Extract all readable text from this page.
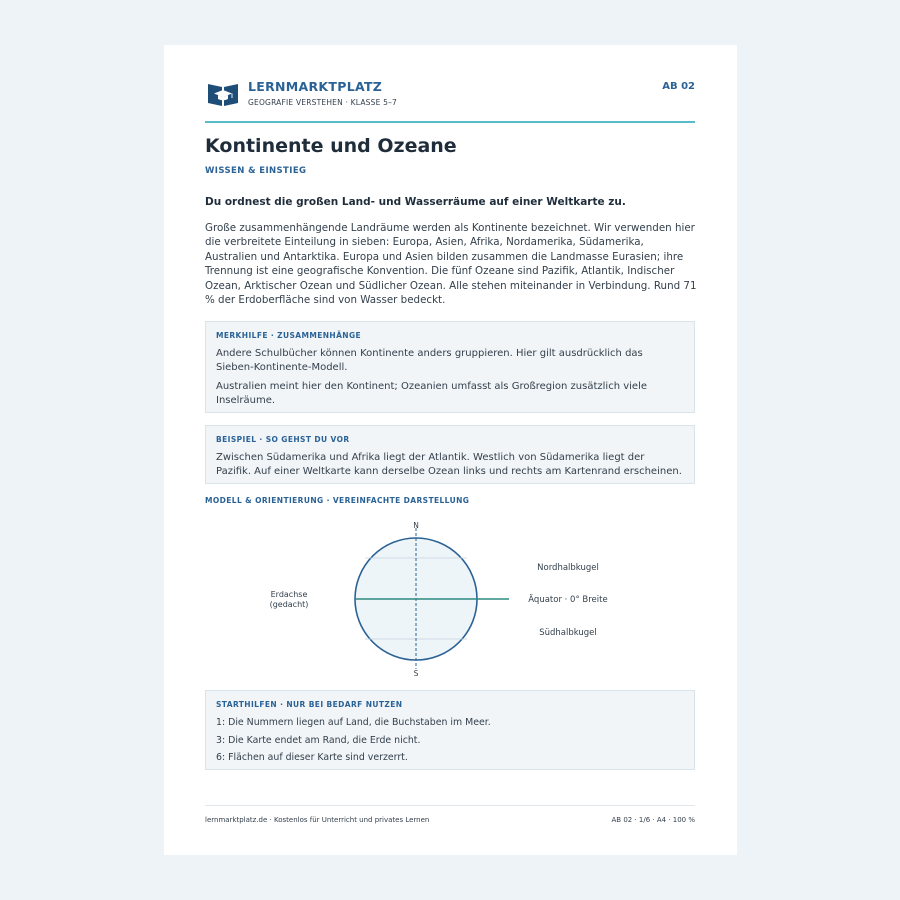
LERNMARKTPLATZ
GEOGRAFIE VERSTEHEN · KLASSE 5–7
AB 02
Kontinente und Ozeane
WISSEN & EINSTIEG
Du ordnest die großen Land- und Wasserräume auf einer Weltkarte zu.

Große zusammenhängende Landräume werden als Kontinente bezeichnet. Wir verwenden hier die verbreitete Einteilung in sieben: Europa, Asien, Afrika, Nordamerika, Südamerika, Australien und Antarktika. Europa und Asien bilden zusammen die Landmasse Eurasien; ihre Trennung ist eine geografische Konvention. Die fünf Ozeane sind Pazifik, Atlantik, Indischer Ozean, Arktischer Ozean und Südlicher Ozean. Alle stehen miteinander in Verbindung. Rund 71 % der Erdoberfläche sind von Wasser bedeckt.

MERKHILFE · ZUSAMMENHÄNGE

Andere Schulbücher können Kontinente anders gruppieren. Hier gilt ausdrücklich das Sieben-Kontinente-Modell.

Australien meint hier den Kontinent; Ozeanien umfasst als Großregion zusätzlich viele Inselräume.

BEISPIEL · SO GEHST DU VOR

Zwischen Südamerika und Afrika liegt der Atlantik. Westlich von Südamerika liegt der Pazifik. Auf einer Weltkarte kann derselbe Ozean links und rechts am Kartenrand erscheinen.

MODELL & ORIENTIERUNG · VEREINFACHTE DARSTELLUNG
N
S
Erdachse
(gedacht)
Nordhalbkugel
Äquator · 0° Breite
Südhalbkugel
STARTHILFEN · NUR BEI BEDARF NUTZEN
1: Die Nummern liegen auf Land, die Buchstaben im Meer.
3: Die Karte endet am Rand, die Erde nicht.
6: Flächen auf dieser Karte sind verzerrt.
lernmarktplatz.de · Kostenlos für Unterricht und privates Lernen	AB 02 · 1/6 · A4 · 100 %
